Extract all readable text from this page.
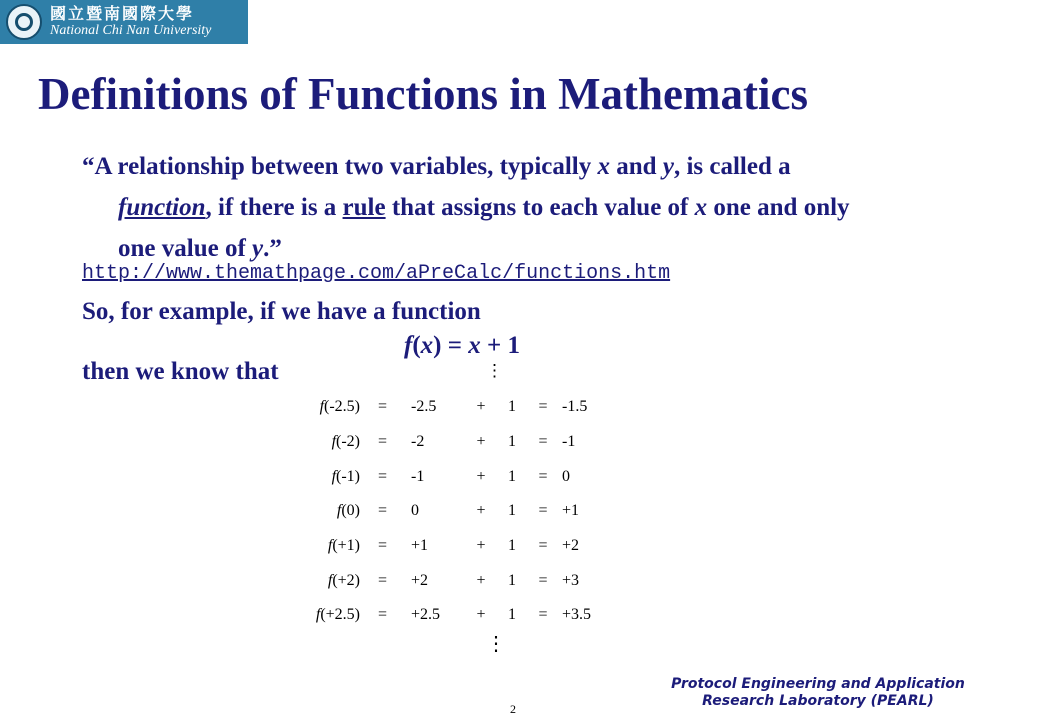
國立暨南國際大學
National Chi Nan University
Definitions of Functions in Mathematics

“A relationship between two variables, typically x and y, is called a function, if there is a rule that assigns to each value of x one and only one value of y.”

http://www.themathpage.com/aPreCalc/functions.htm
So, for example, if we have a function
f(x) = x + 1
then we know that	⋮
f(-2.5)	=	-2.5	+	1	=	-1.5
f(-2)	=	-2	+	1	=	-1
f(-1)	=	-1	+	1	=	0
f(0)	=	0	+	1	=	+1
f(+1)	=	+1	+	1	=	+2
f(+2)	=	+2	+	1	=	+3
f(+2.5)	=	+2.5	+	1	=	+3.5
⋮
Protocol Engineering and Application
Research Laboratory (PEARL)
2
